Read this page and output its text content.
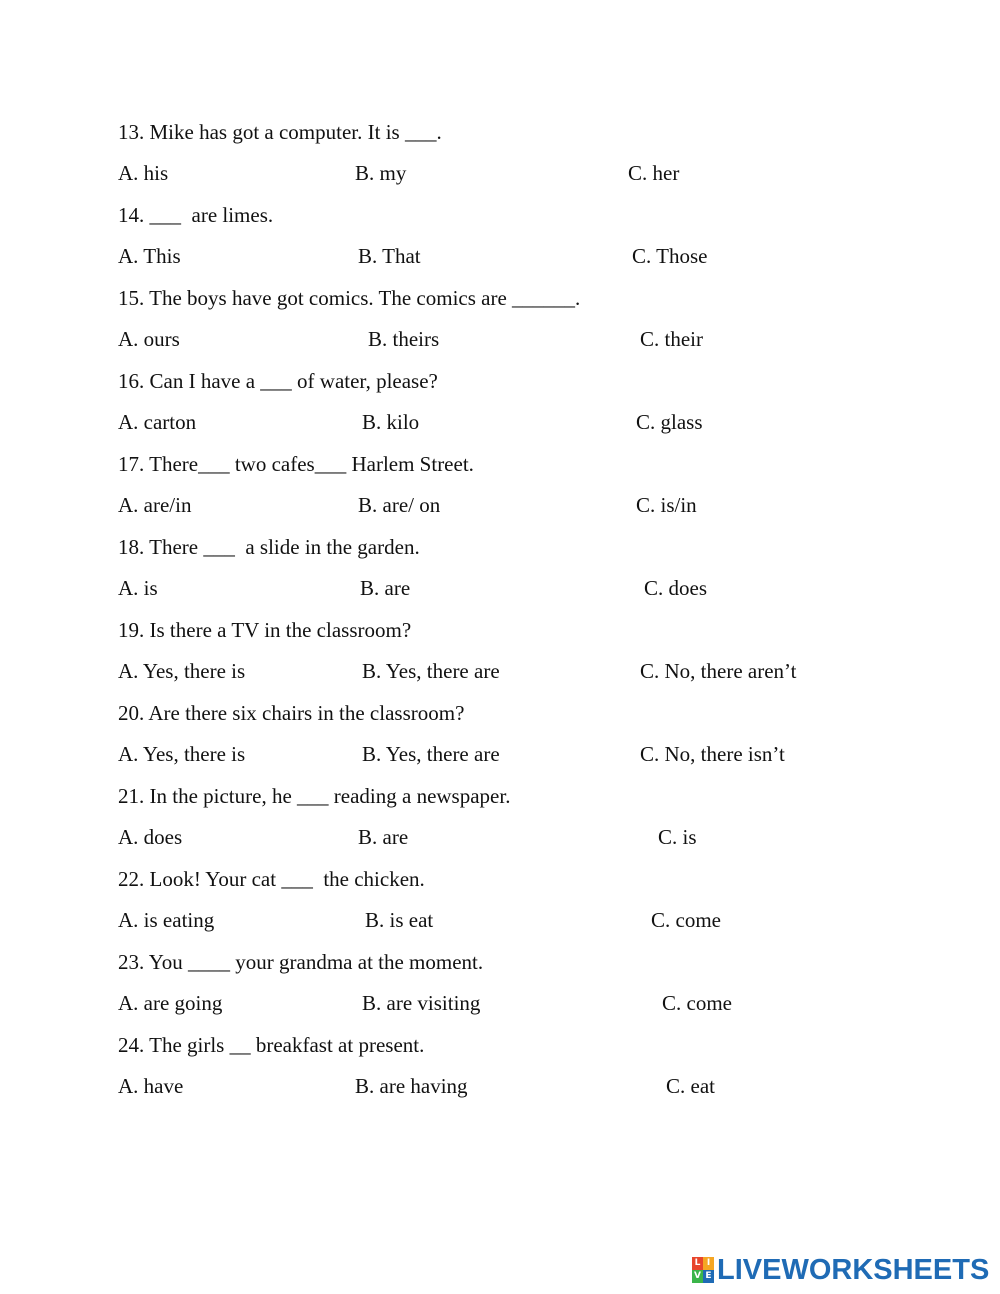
13. Mike has got a computer. It is ___.
A. his	B. my	C. her
14. ___  are limes.
A. This	B. That	C. Those
15. The boys have got comics. The comics are ______.
A. ours	B. theirs	C. their
16. Can I have a ___ of water, please?
A. carton	B. kilo	C. glass
17. There___ two cafes___ Harlem Street.
A. are/in	B. are/ on	C. is/in
18. There ___  a slide in the garden.
A. is	B. are	C. does
19. Is there a TV in the classroom?
A. Yes, there is	B. Yes, there are	C. No, there aren’t
20. Are there six chairs in the classroom?
A. Yes, there is	B. Yes, there are	C. No, there isn’t
21. In the picture, he ___ reading a newspaper.
A. does	B. are	C. is
22. Look! Your cat ___  the chicken.
A. is eating	B. is eat	C. come
23. You ____ your grandma at the moment.
A. are going	B. are visiting	C. come
24. The girls __ breakfast at present.
A. have	B. are having	C. eat
L I
V E LIVEWORKSHEETS
